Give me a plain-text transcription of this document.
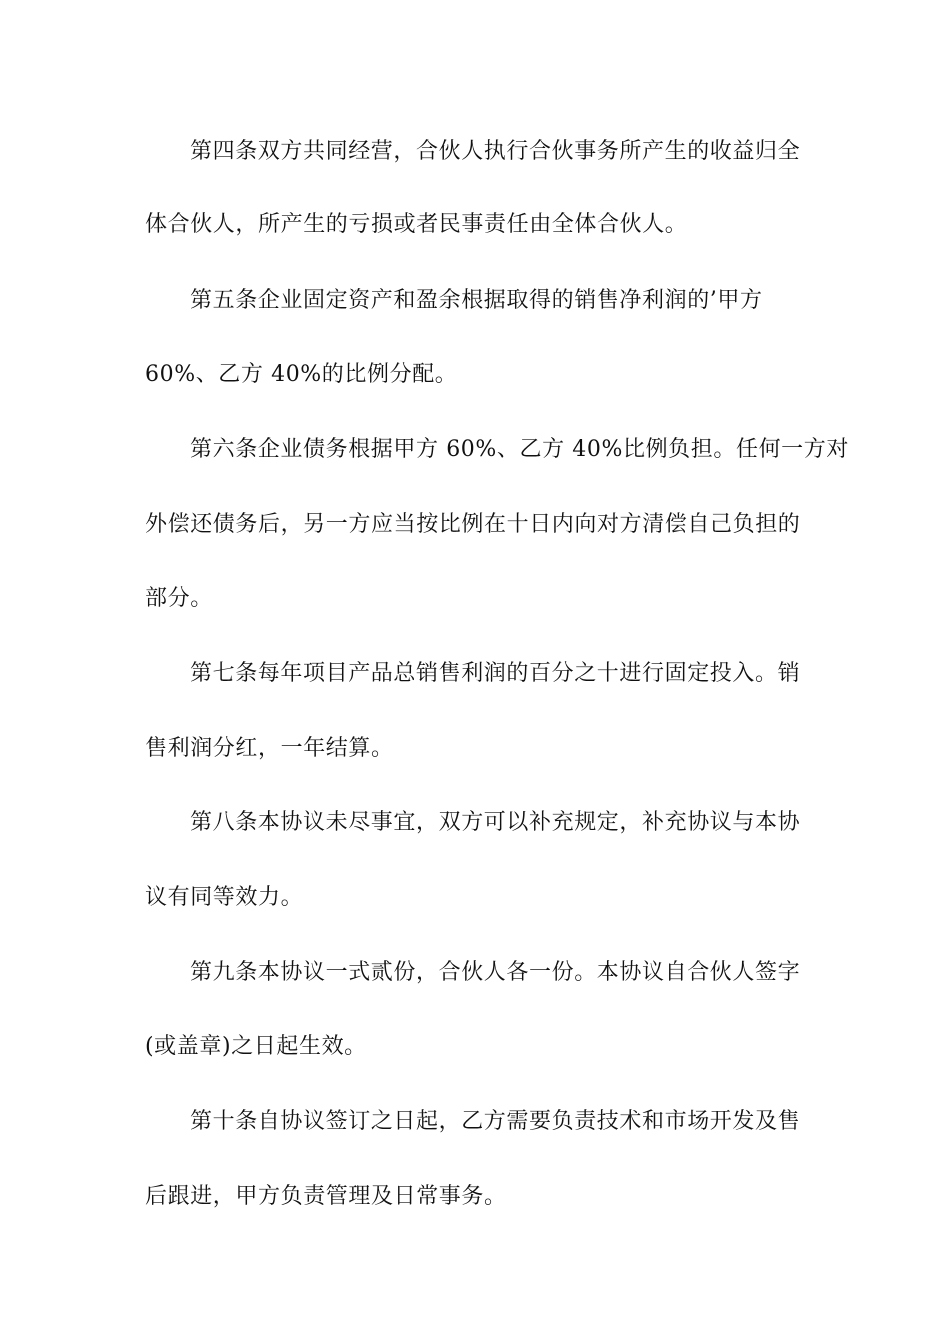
第四条双方共同经营，合伙人执行合伙事务所产生的收益归全

体合伙人，所产生的亏损或者民事责任由全体合伙人。

第五条企业固定资产和盈余根据取得的销售净利润的’甲方

60%、乙方 40%的比例分配。

第六条企业债务根据甲方 60%、乙方 40%比例负担。任何一方对

外偿还债务后，另一方应当按比例在十日内向对方清偿自己负担的

部分。

第七条每年项目产品总销售利润的百分之十进行固定投入。销

售利润分红，一年结算。

第八条本协议未尽事宜，双方可以补充规定，补充协议与本协

议有同等效力。

第九条本协议一式贰份，合伙人各一份。本协议自合伙人签字

(或盖章)之日起生效。

第十条自协议签订之日起，乙方需要负责技术和市场开发及售

后跟进，甲方负责管理及日常事务。
